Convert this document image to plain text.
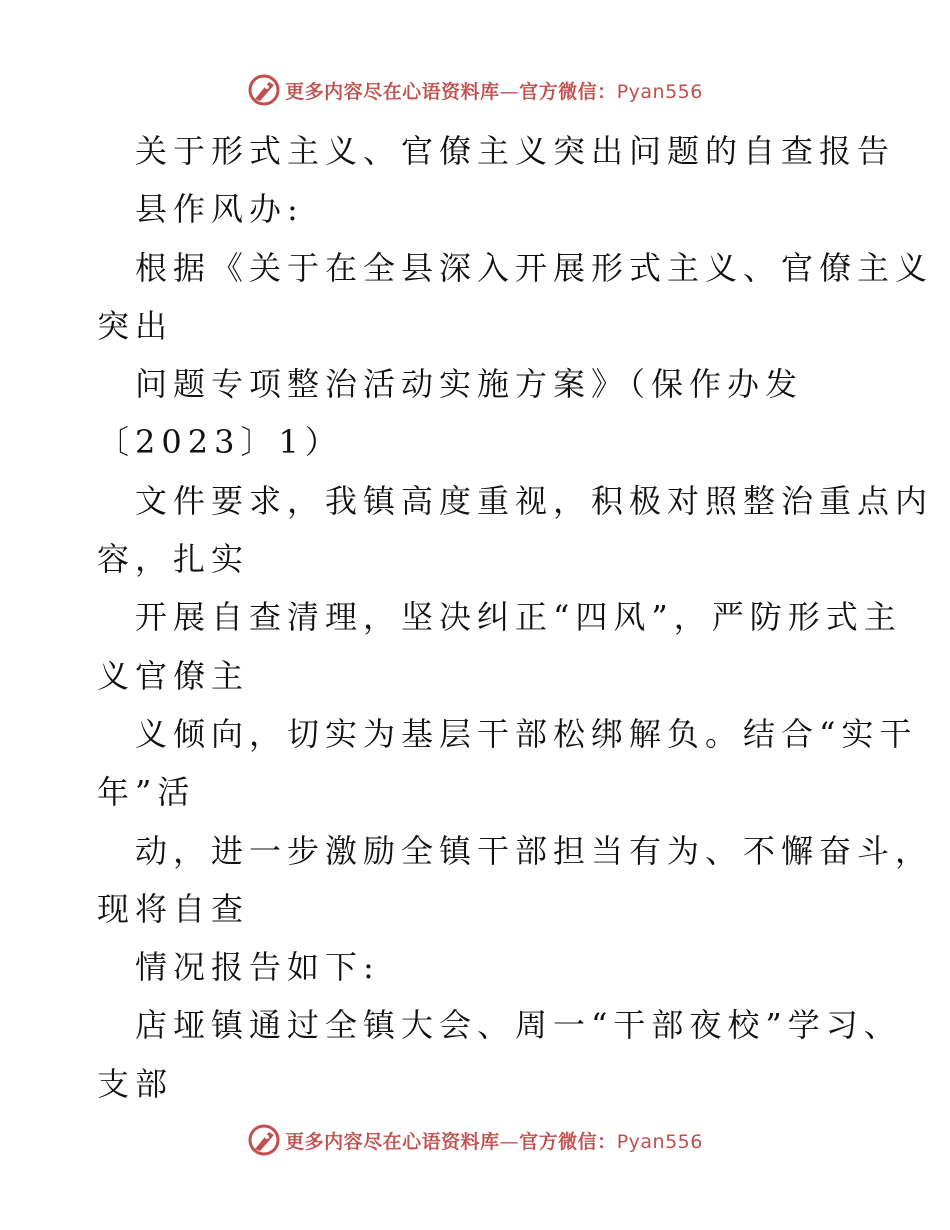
更多内容尽在心语资料库—官方微信：Pyan556
关于形式主义、官僚主义突出问题的自查报告
县作风办:
根据《关于在全县深入开展形式主义、官僚主义
突出
问题专项整治活动实施方案》（保作办发
〔2023〕1）
文件要求，我镇高度重视，积极对照整治重点内
容，扎实
开展自查清理，坚决纠正“四风”，严防形式主
义官僚主
义倾向，切实为基层干部松绑解负。结合“实干
年”活
动，进一步激励全镇干部担当有为、不懈奋斗，
现将自查
情况报告如下:
店垭镇通过全镇大会、周一“干部夜校”学习、
支部
更多内容尽在心语资料库—官方微信：Pyan556
